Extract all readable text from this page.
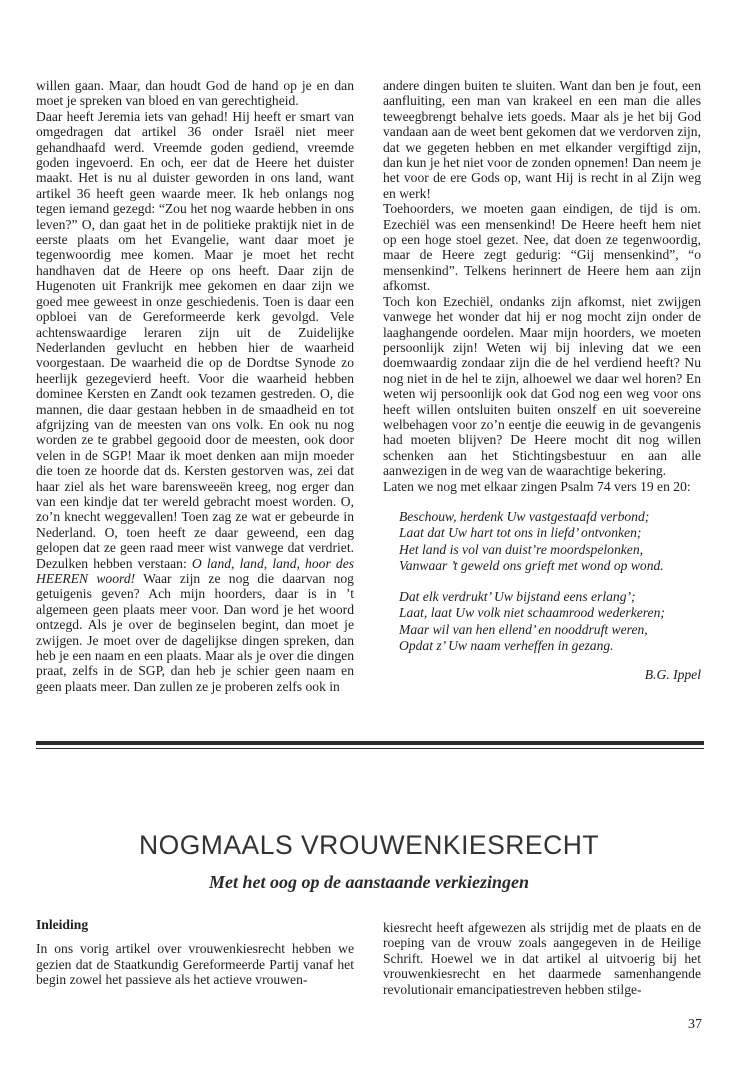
willen gaan. Maar, dan houdt God de hand op je en dan moet je spreken van bloed en van gerechtigheid.

Daar heeft Jeremia iets van gehad! Hij heeft er smart van omgedragen dat artikel 36 onder Israël niet meer gehandhaafd werd. Vreemde goden gediend, vreemde goden ingevoerd. En och, eer dat de Heere het duister maakt. Het is nu al duister geworden in ons land, want artikel 36 heeft geen waarde meer. Ik heb onlangs nog tegen iemand gezegd: “Zou het nog waarde hebben in ons leven?” O, dan gaat het in de politieke praktijk niet in de eerste plaats om het Evangelie, want daar moet je tegenwoordig mee komen. Maar je moet het recht handhaven dat de Heere op ons heeft. Daar zijn de Hugenoten uit Frankrijk mee gekomen en daar zijn we goed mee geweest in onze geschiedenis. Toen is daar een opbloei van de Gereformeerde kerk gevolgd. Vele achtenswaardige leraren zijn uit de Zuidelijke Nederlanden gevlucht en hebben hier de waarheid voorgestaan. De waarheid die op de Dordtse Synode zo heerlijk gezegevierd heeft. Voor die waarheid hebben dominee Kersten en Zandt ook tezamen gestreden. O, die mannen, die daar gestaan hebben in de smaadheid en tot afgrijzing van de meesten van ons volk. En ook nu nog worden ze te grabbel gegooid door de meesten, ook door velen in de SGP! Maar ik moet denken aan mijn moeder die toen ze hoorde dat ds. Kersten gestorven was, zei dat haar ziel als het ware barensweeën kreeg, nog erger dan van een kindje dat ter wereld gebracht moest worden. O, zo’n knecht weggevallen! Toen zag ze wat er gebeurde in Nederland. O, toen heeft ze daar geweend, een dag gelopen dat ze geen raad meer wist vanwege dat verdriet. Dezulken hebben verstaan: O land, land, land, hoor des HEEREN woord! Waar zijn ze nog die daarvan nog getuigenis geven? Ach mijn hoorders, daar is in ’t algemeen geen plaats meer voor. Dan word je het woord ontzegd. Als je over de beginselen begint, dan moet je zwijgen. Je moet over de dagelijkse dingen spreken, dan heb je een naam en een plaats. Maar als je over die dingen praat, zelfs in de SGP, dan heb je schier geen naam en geen plaats meer. Dan zullen ze je proberen zelfs ook in

andere dingen buiten te sluiten. Want dan ben je fout, een aanfluiting, een man van krakeel en een man die alles teweegbrengt behalve iets goeds. Maar als je het bij God vandaan aan de weet bent gekomen dat we verdorven zijn, dat we gegeten hebben en met elkander vergiftigd zijn, dan kun je het niet voor de zonden opnemen! Dan neem je het voor de ere Gods op, want Hij is recht in al Zijn weg en werk!

Toehoorders, we moeten gaan eindigen, de tijd is om. Ezechiël was een mensenkind! De Heere heeft hem niet op een hoge stoel gezet. Nee, dat doen ze tegenwoordig, maar de Heere zegt gedurig: “Gij mensenkind”, “o mensenkind”. Telkens herinnert de Heere hem aan zijn afkomst.

Toch kon Ezechiël, ondanks zijn afkomst, niet zwijgen vanwege het wonder dat hij er nog mocht zijn onder de laaghangende oordelen. Maar mijn hoorders, we moeten persoonlijk zijn! Weten wij bij inleving dat we een doemwaardig zondaar zijn die de hel verdiend heeft? Nu nog niet in de hel te zijn, alhoewel we daar wel horen? En weten wij persoonlijk ook dat God nog een weg voor ons heeft willen ontsluiten buiten onszelf en uit soevereine welbehagen voor zo’n eentje die eeuwig in de gevangenis had moeten blijven? De Heere mocht dit nog willen schenken aan het Stichtingsbestuur en aan alle aanwezigen in de weg van de waarachtige bekering.

Laten we nog met elkaar zingen Psalm 74 vers 19 en 20:

Beschouw, herdenk Uw vastgestaafd verbond;
Laat dat Uw hart tot ons in liefd’ ontvonken;
Het land is vol van duist’re moordspelonken,
Vanwaar ’t geweld ons grieft met wond op wond.
Dat elk verdrukt’ Uw bijstand eens erlang’;
Laat, laat Uw volk niet schaamrood wederkeren;
Maar wil van hen ellend’ en nooddruft weren,
Opdat z’ Uw naam verheffen in gezang.
B.G. Ippel
NOGMAALS VROUWENKIESRECHT
Met het oog op de aanstaande verkiezingen
Inleiding

In ons vorig artikel over vrouwenkiesrecht hebben we gezien dat de Staatkundig Gereformeerde Partij vanaf het begin zowel het passieve als het actieve vrouwen-

kiesrecht heeft afgewezen als strijdig met de plaats en de roeping van de vrouw zoals aangegeven in de Heilige Schrift. Hoewel we in dat artikel al uitvoerig bij het vrouwenkiesrecht en het daarmede samenhangende revolutionair emancipatiestreven hebben stilge-

37
